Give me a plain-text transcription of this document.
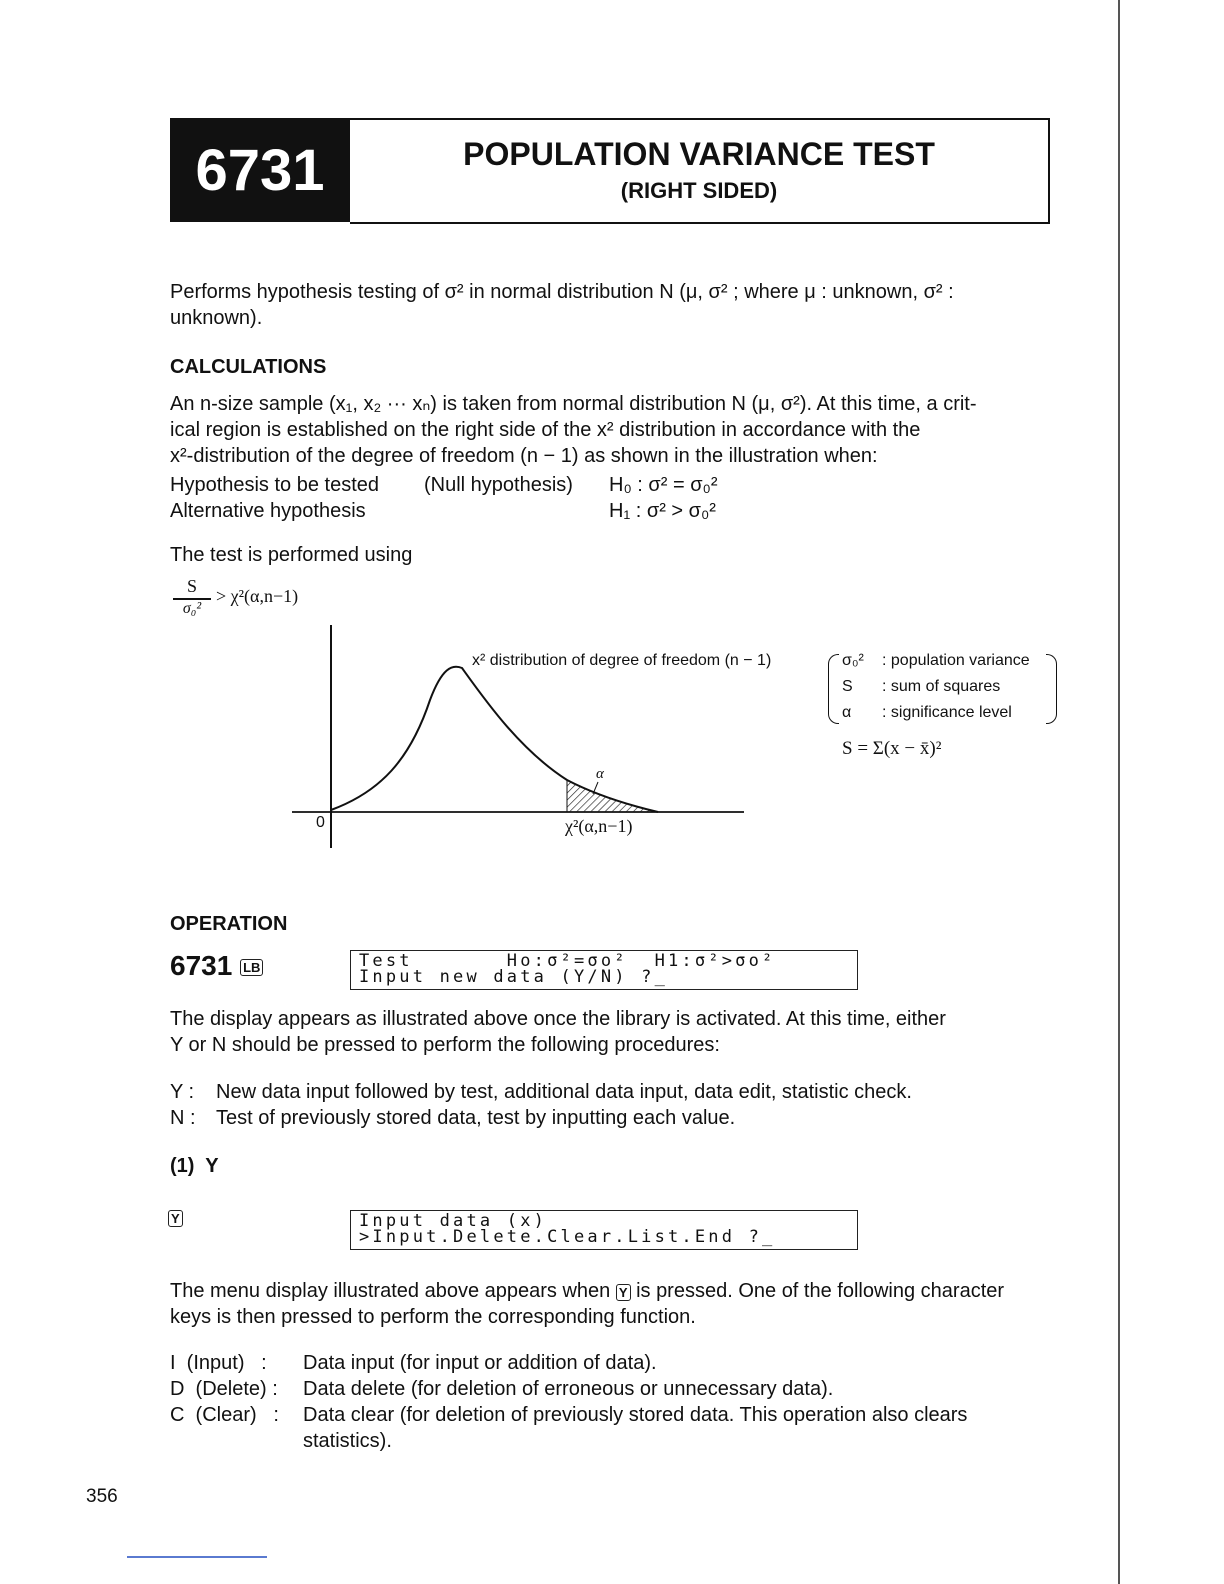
6731	POPULATION VARIANCE TEST
(RIGHT SIDED)
Performs hypothesis testing of σ² in normal distribution N (μ, σ² ; where μ : unknown, σ² :
unknown).
CALCULATIONS
An n-size sample (x₁, x₂ ··· xₙ) is taken from normal distribution N (μ, σ²). At this time, a crit-
ical region is established on the right side of the x² distribution in accordance with the
x²-distribution of the degree of freedom (n − 1) as shown in the illustration when:
Hypothesis to be tested	(Null hypothesis)	H₀ : σ² = σ₀²
Alternative hypothesis	H₁ : σ² > σ₀²
The test is performed using
S
σ₀²
> χ²(α,n−1)
x² distribution of degree of freedom (n − 1)
α
0	χ²(α,n−1)
σ₀²	: population variance
S	: sum of squares
α	: significance level
S = Σ(x − x̄)²
OPERATION
6731 LB	Test       Ho:σ²=σo²  H1:σ²>σo²
Input new data (Y/N) ?_
The display appears as illustrated above once the library is activated. At this time, either
Y or N should be pressed to perform the following procedures:
Y :	New data input followed by test, additional data input, data edit, statistic check.
N :	Test of previously stored data, test by inputting each value.
(1)  Y
Y	Input data (x)
>Input.Delete.Clear.List.End ?_
The menu display illustrated above appears when Y is pressed. One of the following character
keys is then pressed to perform the corresponding function.
I  (Input)   :	Data input (for input or addition of data).
D  (Delete) :	Data delete (for deletion of erroneous or unnecessary data).
C  (Clear)   :	Data clear (for deletion of previously stored data. This operation also clears
statistics).
356
